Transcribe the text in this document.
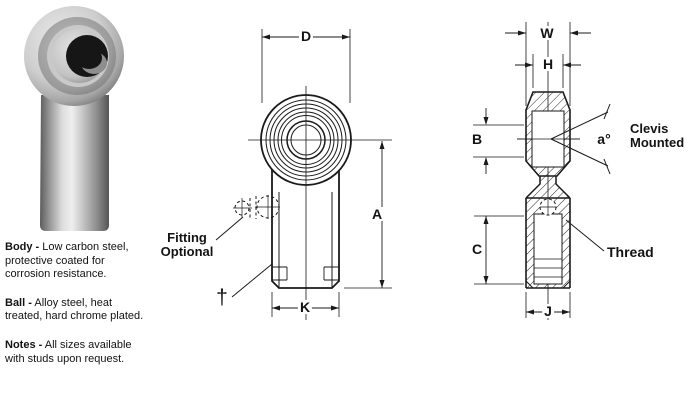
D
A
K
W
H
B
C
J
a°
†
Fitting
Optional
Clevis
Mounted
Thread

Body - Low carbon steel, protective coated for corrosion resistance.

Ball - Alloy steel, heat treated, hard chrome plated.

Notes - All sizes available with studs upon request.
